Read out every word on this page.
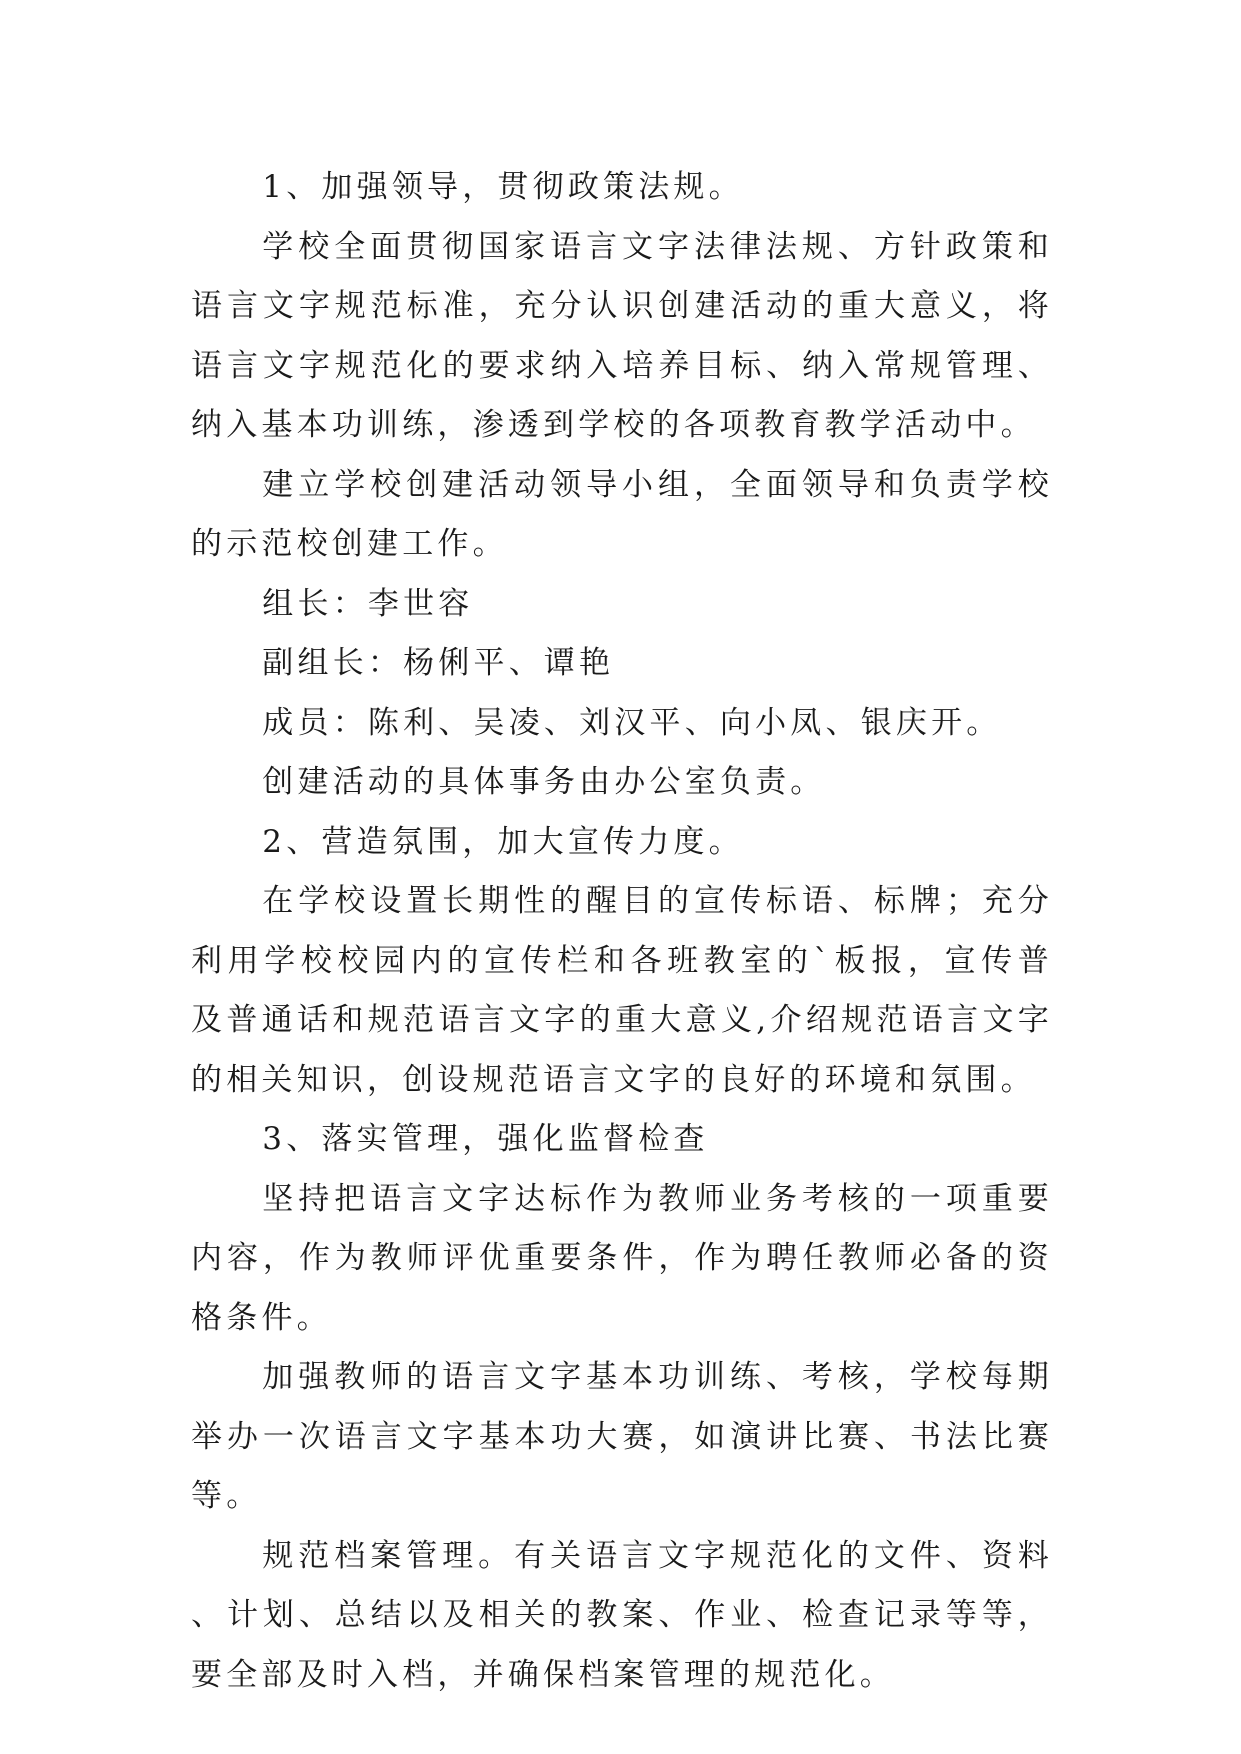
1、加强领导，贯彻政策法规。

学校全面贯彻国家语言文字法律法规、方针政策和语言文字规范标准，充分认识创建活动的重大意义，将语言文字规范化的要求纳入培养目标、纳入常规管理、纳入基本功训练，渗透到学校的各项教育教学活动中。

建立学校创建活动领导小组，全面领导和负责学校的示范校创建工作。

组长：李世容

副组长：杨俐平、谭艳

成员：陈利、吴凌、刘汉平、向小凤、银庆开。

创建活动的具体事务由办公室负责。

2、营造氛围，加大宣传力度。

在学校设置长期性的醒目的宣传标语、标牌；充分利用学校校园内的宣传栏和各班教室的`板报，宣传普及普通话和规范语言文字的重大意义,介绍规范语言文字的相关知识，创设规范语言文字的良好的环境和氛围。

3、落实管理，强化监督检查

坚持把语言文字达标作为教师业务考核的一项重要内容，作为教师评优重要条件，作为聘任教师必备的资格条件。

加强教师的语言文字基本功训练、考核，学校每期举办一次语言文字基本功大赛，如演讲比赛、书法比赛等。

规范档案管理。有关语言文字规范化的文件、资料、计划、总结以及相关的教案、作业、检查记录等等，要全部及时入档，并确保档案管理的规范化。
